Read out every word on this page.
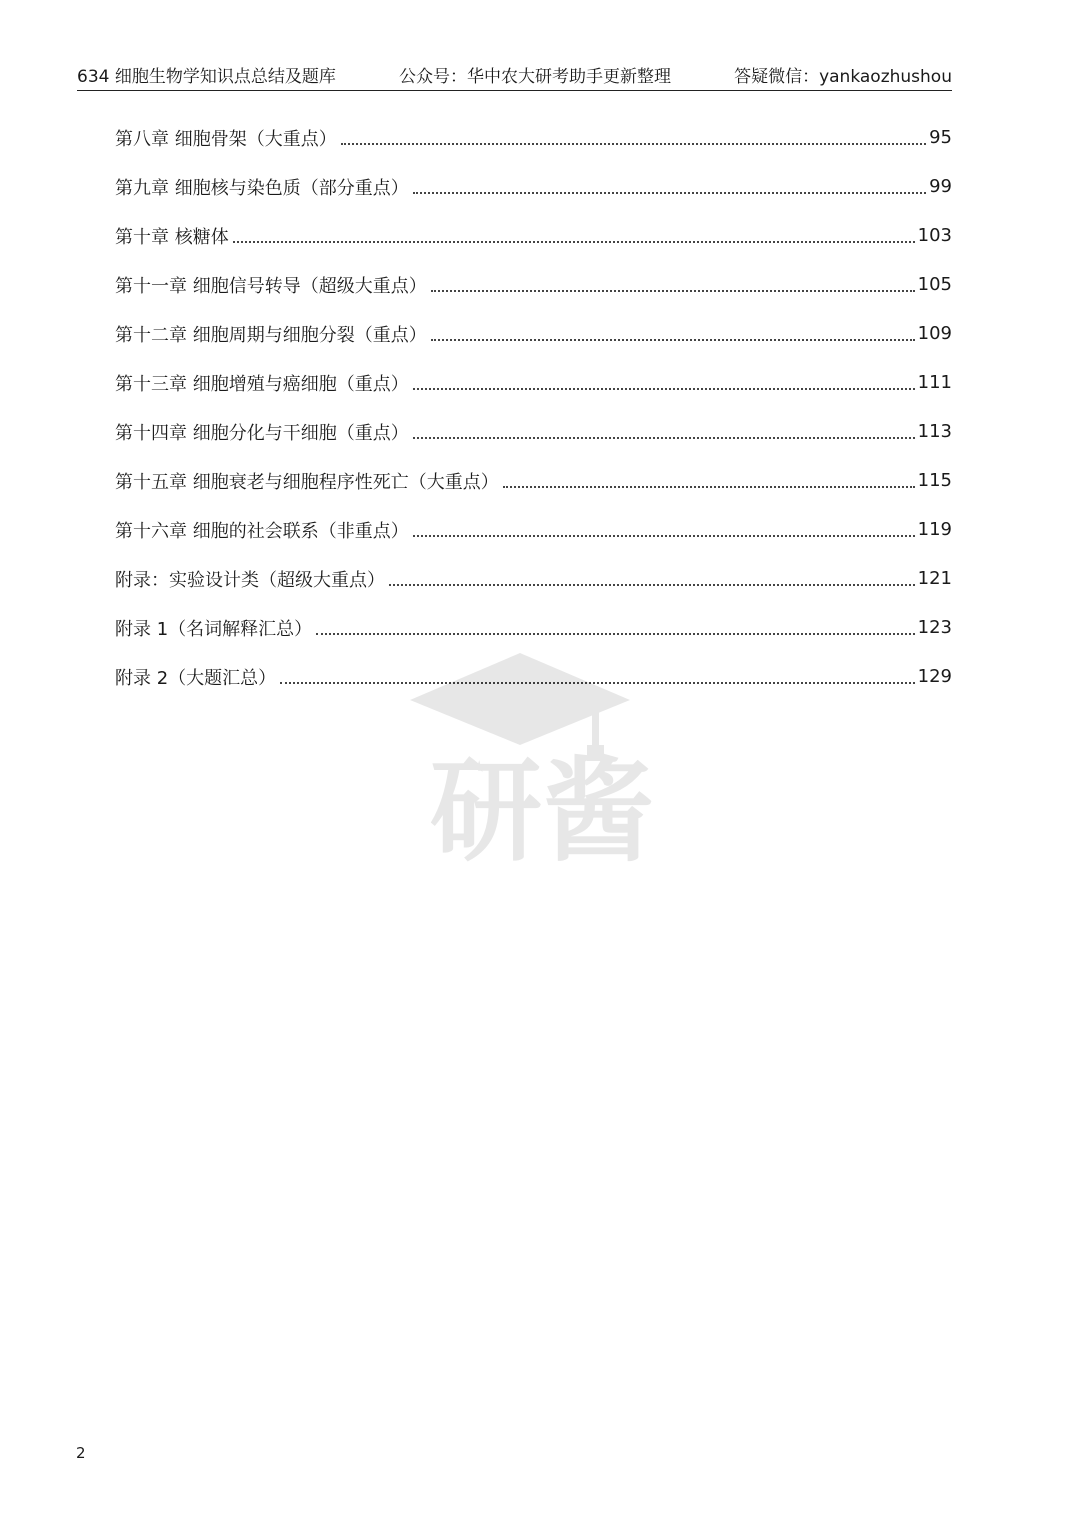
634 细胞生物学知识点总结及题库	公众号：华中农大研考助手更新整理	答疑微信：yankaozhushou
第八章 细胞骨架（大重点）	95
第九章 细胞核与染色质（部分重点）	99
第十章 核糖体	103
第十一章 细胞信号转导（超级大重点）	105
第十二章 细胞周期与细胞分裂（重点）	109
第十三章 细胞增殖与癌细胞（重点）	111
第十四章 细胞分化与干细胞（重点）	113
第十五章 细胞衰老与细胞程序性死亡（大重点）	115
第十六章 细胞的社会联系（非重点）	119
附录：实验设计类（超级大重点）	121
附录 1（名词解释汇总）	123
附录 2（大题汇总）	129
研酱
2
